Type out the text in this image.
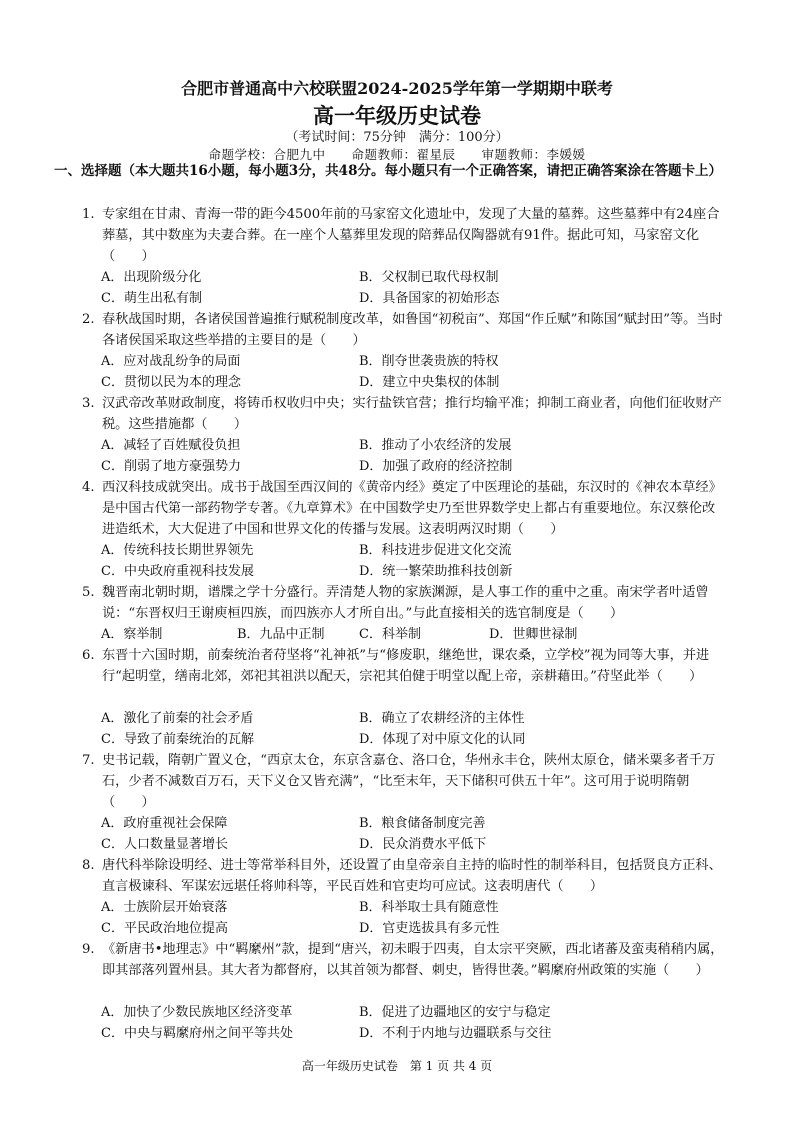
合肥市普通高中六校联盟2024-2025学年第一学期期中联考
高一年级历史试卷
（考试时间：75分钟　满分：100分）
命题学校：合肥九中　　命题教师：翟星辰　　审题教师：李媛媛
一、选择题（本大题共16小题，每小题3分，共48分。每小题只有一个正确答案，请把正确答案涂在答题卡上）
1. 专家组在甘肃、青海一带的距今4500年前的马家窑文化遗址中，发现了大量的墓葬。这些墓葬中有24座合葬墓，其中数座为夫妻合葬。在一座个人墓葬里发现的陪葬品仅陶器就有91件。据此可知，马家窑文化（　　）
A．出现阶级分化	B．父权制已取代母权制
C．萌生出私有制	D．具备国家的初始形态
2. 春秋战国时期，各诸侯国普遍推行赋税制度改革，如鲁国“初税亩”、郑国“作丘赋”和陈国“赋封田”等。当时各诸侯国采取这些举措的主要目的是（　　）
A．应对战乱纷争的局面	B．削夺世袭贵族的特权
C．贯彻以民为本的理念	D．建立中央集权的体制
3. 汉武帝改革财政制度，将铸币权收归中央；实行盐铁官营；推行均输平准；抑制工商业者，向他们征收财产税。这些措施都（　　）
A．减轻了百姓赋役负担	B．推动了小农经济的发展
C．削弱了地方豪强势力	D．加强了政府的经济控制
4. 西汉科技成就突出。成书于战国至西汉间的《黄帝内经》奠定了中医理论的基础，东汉时的《神农本草经》是中国古代第一部药物学专著。《九章算术》在中国数学史乃至世界数学史上都占有重要地位。东汉蔡伦改进造纸术，大大促进了中国和世界文化的传播与发展。这表明两汉时期（　　）
A．传统科技长期世界领先	B．科技进步促进文化交流
C．中央政府重视科技发展	D．统一繁荣助推科技创新
5. 魏晋南北朝时期，谱牒之学十分盛行。弄清楚人物的家族渊源，是人事工作的重中之重。南宋学者叶适曾说：“东晋权归王谢庾桓四族，而四族亦人才所自出。”与此直接相关的选官制度是（　　）
A．察举制	B．九品中正制	C．科举制	D．世卿世禄制
6. 东晋十六国时期，前秦统治者苻坚将“礼神祇”与“修废职，继绝世，课农桑，立学校”视为同等大事，并进行“起明堂，缮南北郊，郊祀其祖洪以配天，宗祀其伯健于明堂以配上帝，亲耕藉田。”苻坚此举（　　）
A．激化了前秦的社会矛盾	B．确立了农耕经济的主体性
C．导致了前秦统治的瓦解	D．体现了对中原文化的认同
7. 史书记载，隋朝广置义仓，“西京太仓，东京含嘉仓、洛口仓，华州永丰仓，陕州太原仓，储米粟多者千万石，少者不减数百万石，天下义仓又皆充满”，“比至末年，天下储积可供五十年”。这可用于说明隋朝（　　）
A．政府重视社会保障	B．粮食储备制度完善
C．人口数量显著增长	D．民众消费水平低下
8. 唐代科举除设明经、进士等常举科目外，还设置了由皇帝亲自主持的临时性的制举科目，包括贤良方正科、直言极谏科、军谋宏远堪任将帅科等，平民百姓和官吏均可应试。这表明唐代（　　）
A．士族阶层开始衰落	B．科举取士具有随意性
C．平民政治地位提高	D．官吏选拔具有多元性
9. 《新唐书•地理志》中“羁縻州”款，提到“唐兴，初未暇于四夷，自太宗平突厥，西北诸蕃及蛮夷稍稍内属，即其部落列置州县。其大者为都督府，以其首领为都督、刺史，皆得世袭。”羁縻府州政策的实施（　　）
A．加快了少数民族地区经济变革	B．促进了边疆地区的安宁与稳定
C．中央与羁縻府州之间平等共处	D．不利于内地与边疆联系与交往
高一年级历史试卷　第 1 页 共 4 页
